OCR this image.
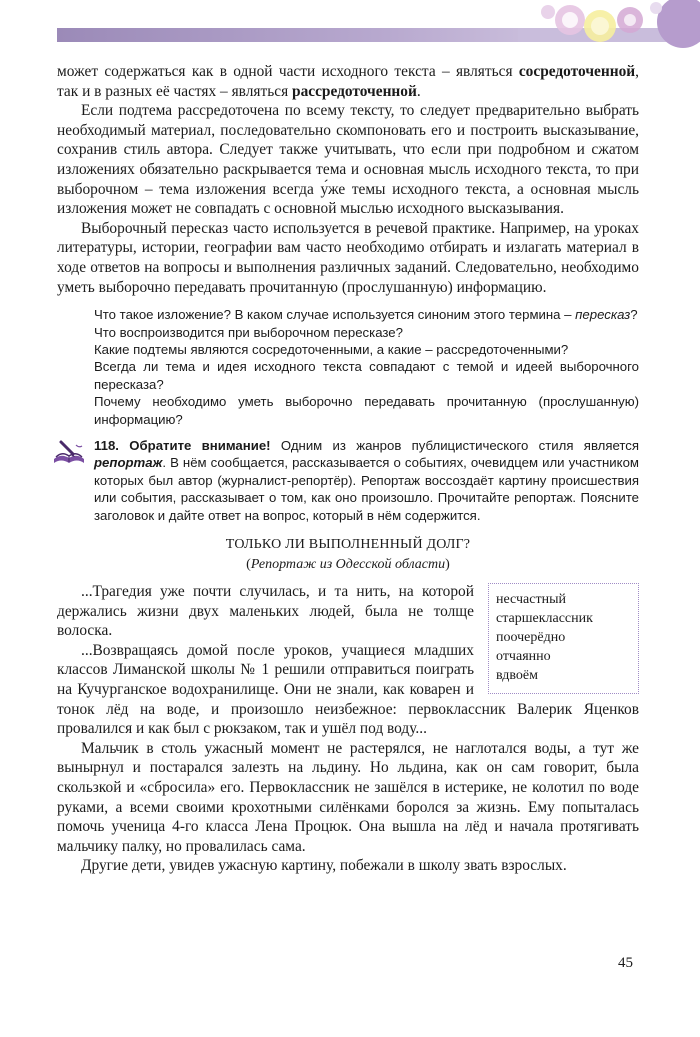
может содержаться как в одной части исходного текста – являться сосредоточенной, так и в разных её частях – являться рассредоточенной.

Если подтема рассредоточена по всему тексту, то следует предварительно выбрать необходимый материал, последовательно скомпоновать его и построить высказывание, сохранив стиль автора. Следует также учитывать, что если при подробном и сжатом изложениях обязательно раскрывается тема и основная мысль исходного текста, то при выборочном – тема изложения всегда у́же темы исходного текста, а основная мысль изложения может не совпадать с основной мыслью исходного высказывания.

Выборочный пересказ часто используется в речевой практике. Например, на уроках литературы, истории, географии вам часто необходимо отбирать и излагать материал в ходе ответов на вопросы и выполнения различных заданий. Следовательно, необходимо уметь выборочно передавать прочитанную (прослушанную) информацию.

Что такое изложение? В каком случае используется синоним этого термина – пересказ?
Что воспроизводится при выборочном пересказе?
Какие подтемы являются сосредоточенными, а какие – рассредоточенными?
Всегда ли тема и идея исходного текста совпадают с темой и идеей выборочного пересказа?
Почему необходимо уметь выборочно передавать прочитанную (прослушанную) информацию?
118. Обратите внимание! Одним из жанров публицистического стиля является репортаж. В нём сообщается, рассказывается о событиях, очевидцем или участником которых был автор (журналист-репортёр). Репортаж воссоздаёт картину происшествия или события, рассказывает о том, как оно произошло. Прочитайте репортаж. Поясните заголовок и дайте ответ на вопрос, который в нём содержится.
ТОЛЬКО ЛИ ВЫПОЛНЕННЫЙ ДОЛГ?
(Репортаж из Одесской области)
несчастный
старшеклассник
поочерёдно
отчаянно
вдвоём

...Трагедия уже почти случилась, и та нить, на которой держались жизни двух маленьких людей, была не толще волоска.

...Возвращаясь домой после уроков, учащиеся младших классов Лиманской школы № 1 решили отправиться поиграть на Кучурганское водохранилище. Они не знали, как коварен и тонок лёд на воде, и произошло неизбежное: первоклассник Валерик Яценков провалился и как был с рюкзаком, так и ушёл под воду...

Мальчик в столь ужасный момент не растерялся, не наглотался воды, а тут же вынырнул и постарался залезть на льдину. Но льдина, как он сам говорит, была скользкой и «сбросила» его. Первоклассник не зашёлся в истерике, не колотил по воде руками, а всеми своими крохотными силёнками боролся за жизнь. Ему попыталась помочь ученица 4-го класса Лена Процюк. Она вышла на лёд и начала протягивать мальчику палку, но провалилась сама.

Другие дети, увидев ужасную картину, побежали в школу звать взрослых.

45
